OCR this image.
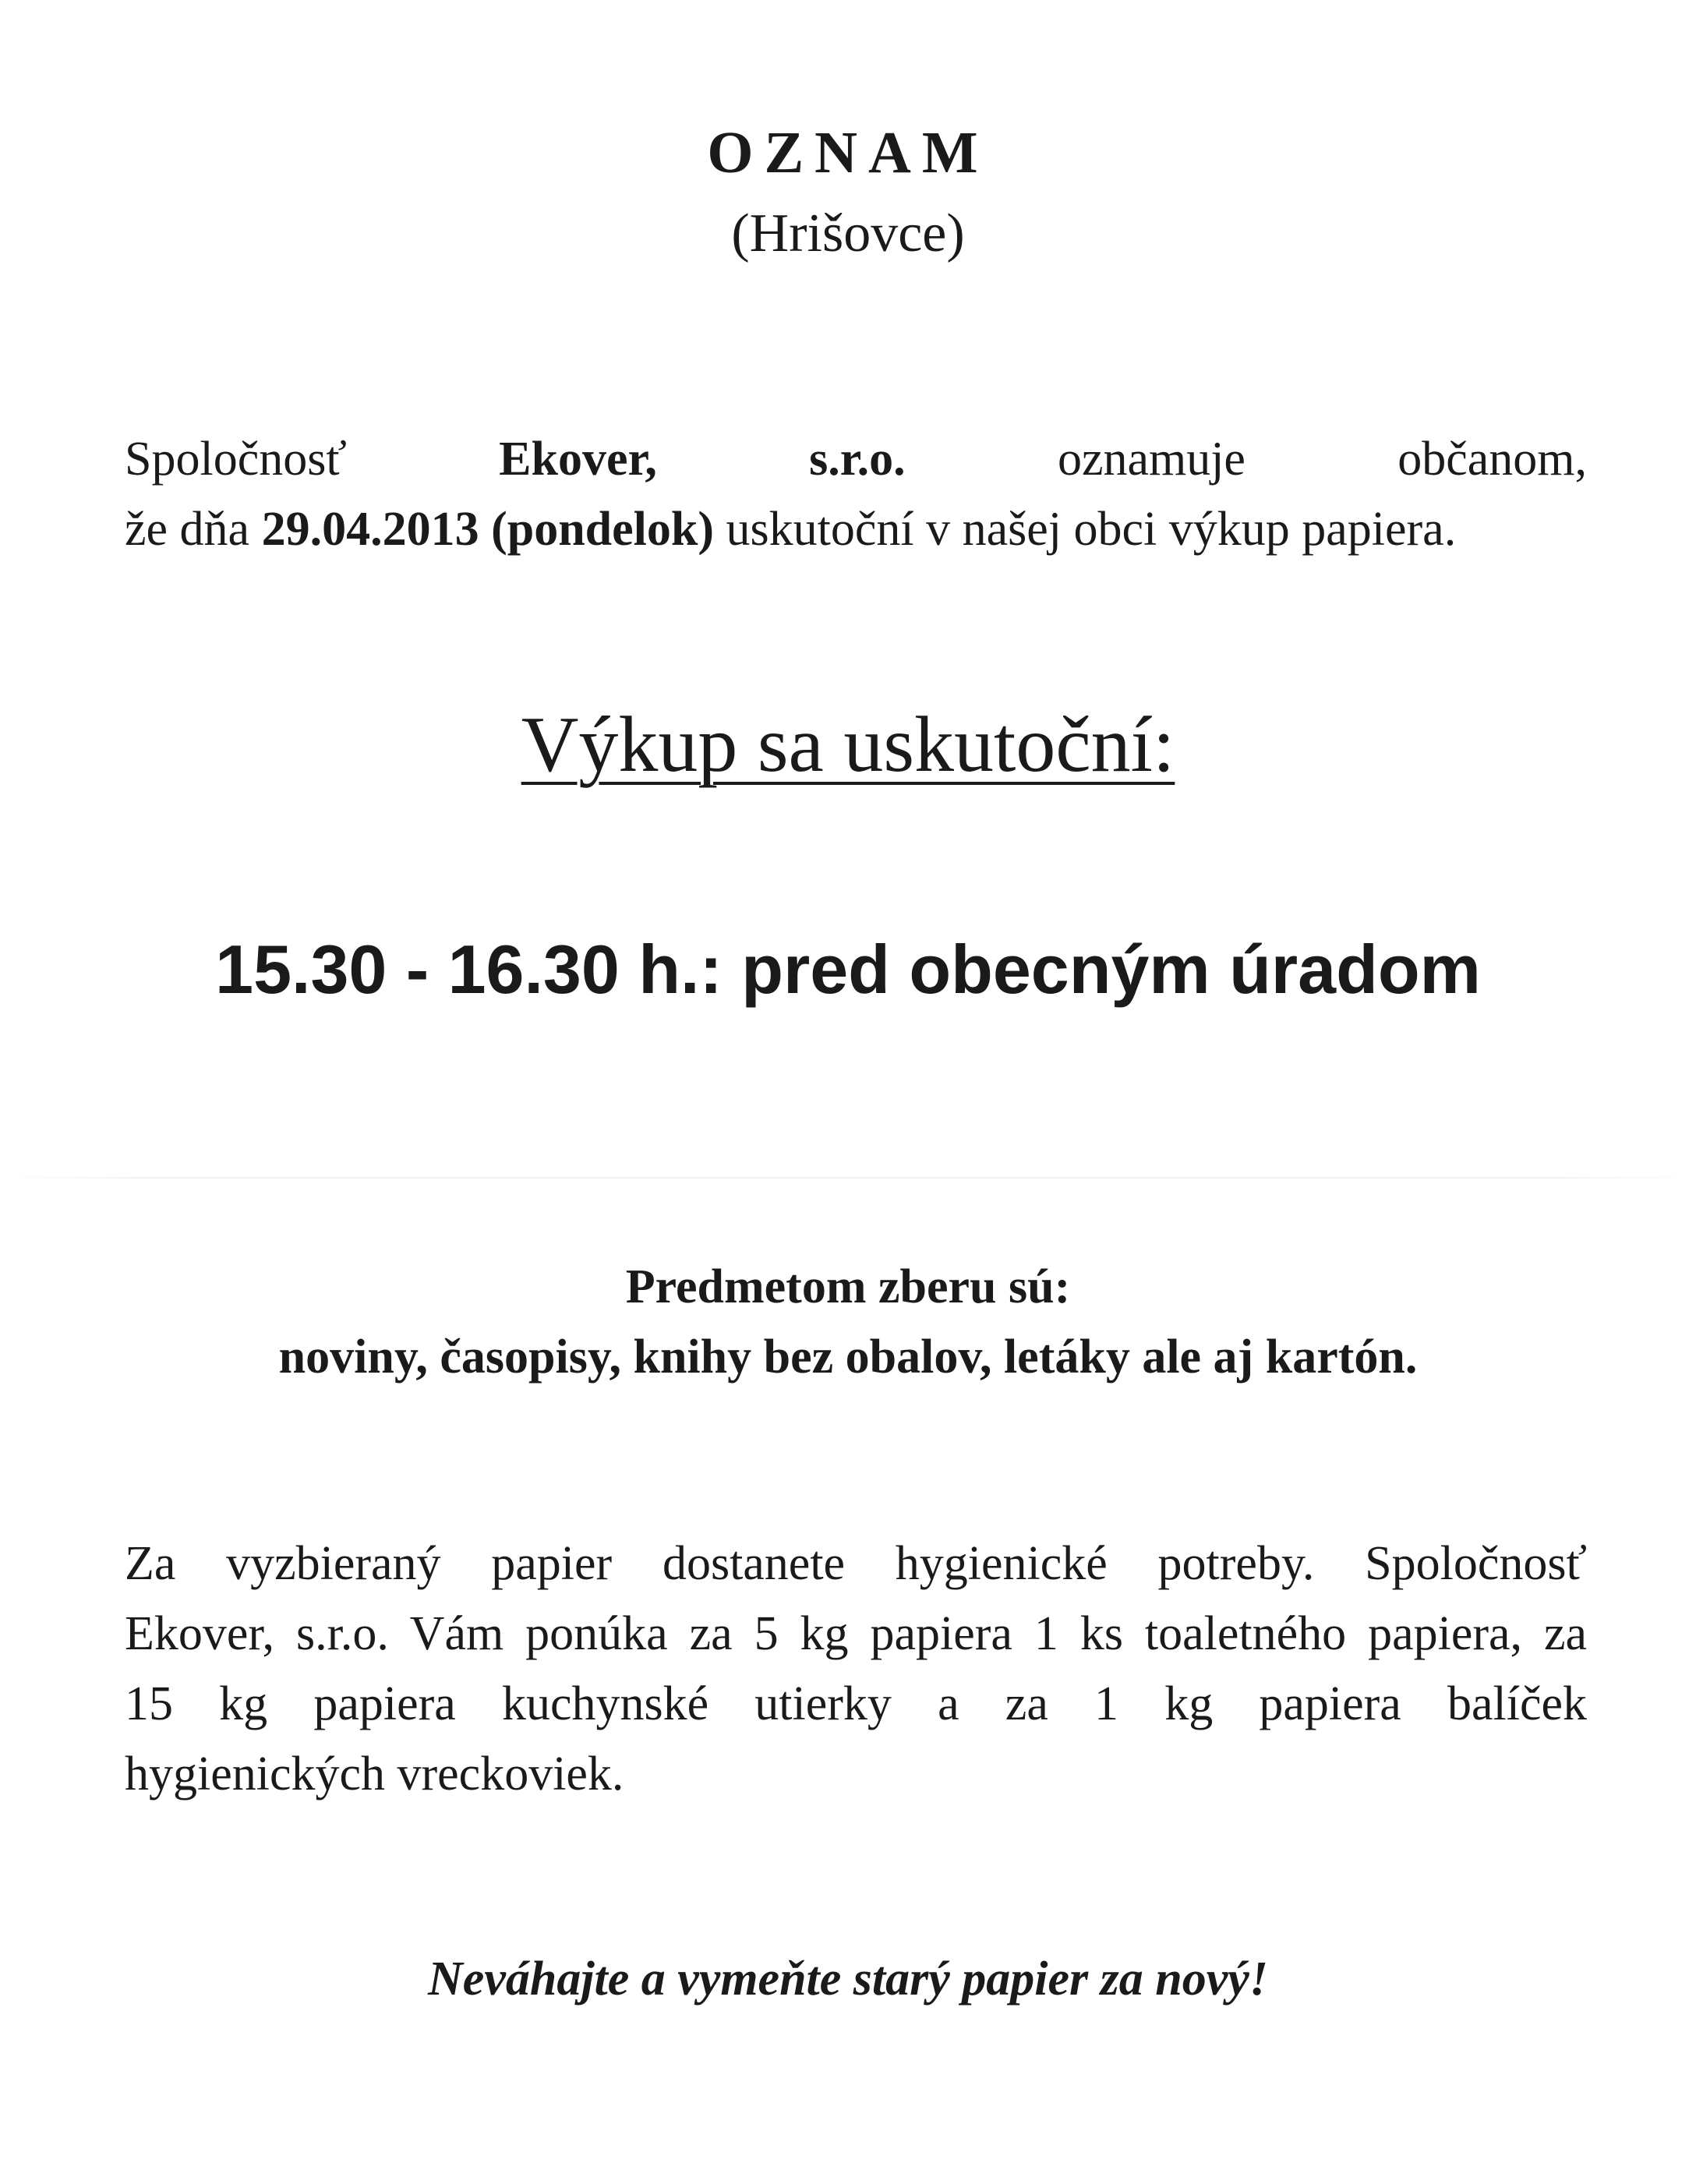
OZNAM
(Hrišovce)
Spoločnosť	Ekover,	s.r.o.	oznamuje	občanom,
že dňa 29.04.2013 (pondelok) uskutoční v našej obci výkup papiera.
Výkup sa uskutoční:
15.30 - 16.30 h.: pred obecným úradom
Predmetom zberu sú:
noviny, časopisy, knihy bez obalov, letáky ale aj kartón.
Za vyzbieraný papier dostanete hygienické potreby. Spoločnosť
Ekover, s.r.o. Vám ponúka za 5 kg papiera 1 ks toaletného papiera, za
15 kg papiera kuchynské utierky a za 1 kg papiera balíček
hygienických vreckoviek.
Neváhajte a vymeňte starý papier za nový!
